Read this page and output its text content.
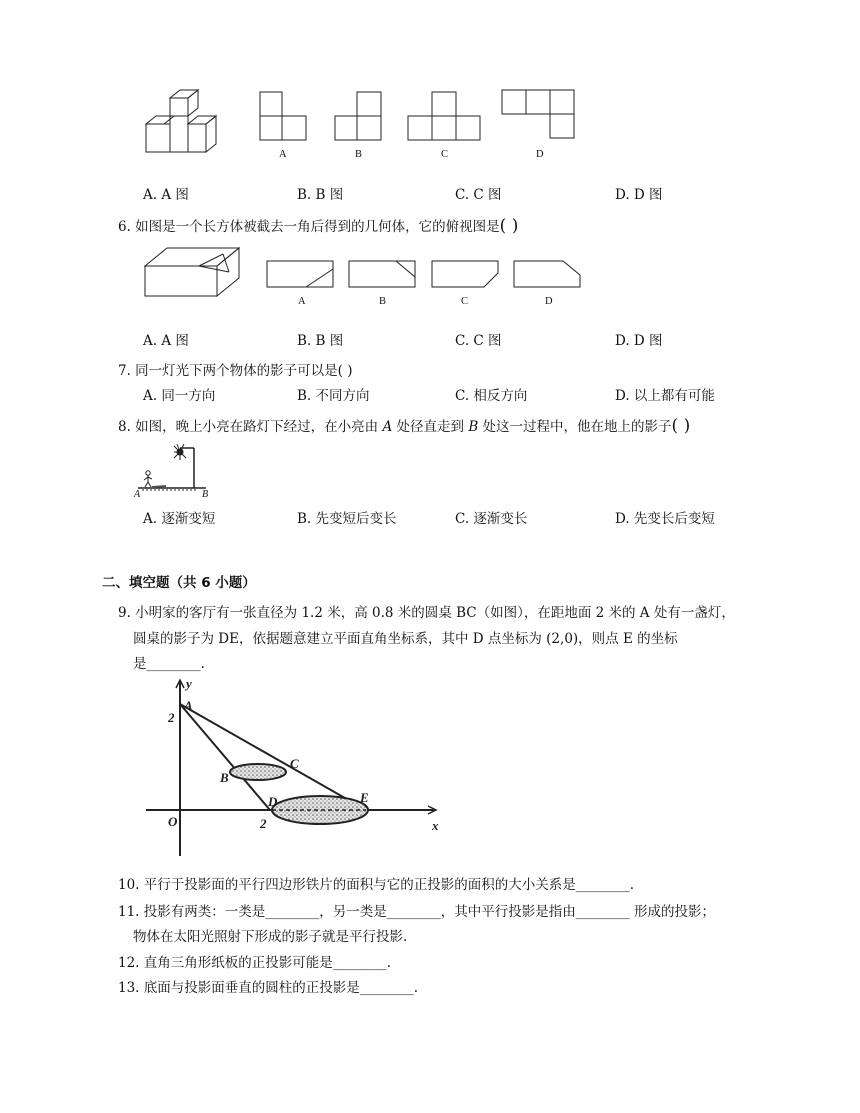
A	B	C	D
A. A 图	B. B 图	C. C 图	D. D 图
6. 如图是一个长方体被截去一角后得到的几何体，它的俯视图是( )
A	B	C	D
A. A 图	B. B 图	C. C 图	D. D 图
7. 同一灯光下两个物体的影子可以是( )
A. 同一方向	B. 不同方向	C. 相反方向	D. 以上都有可能
8. 如图，晚上小亮在路灯下经过，在小亮由 A 处径直走到 B 处这一过程中，他在地上的影子( )
A	B
A. 逐渐变短	B. 先变短后变长	C. 逐渐变长	D. 先变长后变短
二、填空题（共 6 小题）
9. 小明家的客厅有一张直径为 1.2 米，高 0.8 米的圆桌 BC（如图），在距地面 2 米的 A 处有一盏灯，
圆桌的影子为 DE，依据题意建立平面直角坐标系，其中 D 点坐标为 (2,0)，则点 E 的坐标
是________.
y
x
O
2
2
A
B
C
D	E
10. 平行于投影面的平行四边形铁片的面积与它的正投影的面积的大小关系是________.
11. 投影有两类：一类是________，另一类是________，其中平行投影是指由________ 形成的投影；
物体在太阳光照射下形成的影子就是平行投影.
12. 直角三角形纸板的正投影可能是________.
13. 底面与投影面垂直的圆柱的正投影是________.
